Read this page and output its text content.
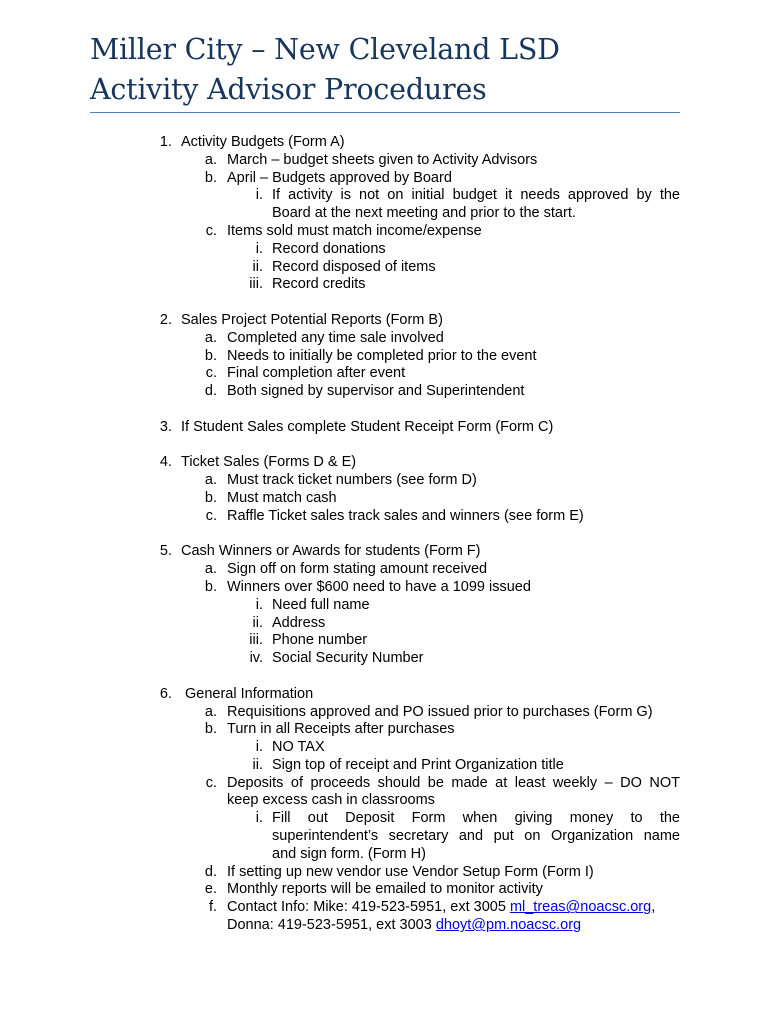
Miller City – New Cleveland LSD
Activity Advisor Procedures
1. Activity Budgets (Form A)
a. March – budget sheets given to Activity Advisors
b. April – Budgets approved by Board
i. If activity is not on initial budget it needs approved by the
Board at the next meeting and prior to the start.
c. Items sold must match income/expense
i. Record donations
ii. Record disposed of items
iii. Record credits
2. Sales Project Potential Reports (Form B)
a. Completed any time sale involved
b. Needs to initially be completed prior to the event
c. Final completion after event
d. Both signed by supervisor and Superintendent
3. If Student Sales complete Student Receipt Form (Form C)
4. Ticket Sales (Forms D & E)
a. Must track ticket numbers (see form D)
b. Must match cash
c. Raffle Ticket sales track sales and winners (see form E)
5. Cash Winners or Awards for students (Form F)
a. Sign off on form stating amount received
b. Winners over $600 need to have a 1099 issued
i. Need full name
ii. Address
iii. Phone number
iv. Social Security Number
6. General Information
a. Requisitions approved and PO issued prior to purchases (Form G)
b. Turn in all Receipts after purchases
i. NO TAX
ii. Sign top of receipt and Print Organization title
c. Deposits of proceeds should be made at least weekly – DO NOT
keep excess cash in classrooms
i. Fill out Deposit Form when giving money to the
superintendent’s secretary and put on Organization name
and sign form. (Form H)
d. If setting up new vendor use Vendor Setup Form (Form I)
e. Monthly reports will be emailed to monitor activity
f. Contact Info: Mike: 419-523-5951, ext 3005 ml_treas@noacsc.org,
Donna: 419-523-5951, ext 3003 dhoyt@pm.noacsc.org
